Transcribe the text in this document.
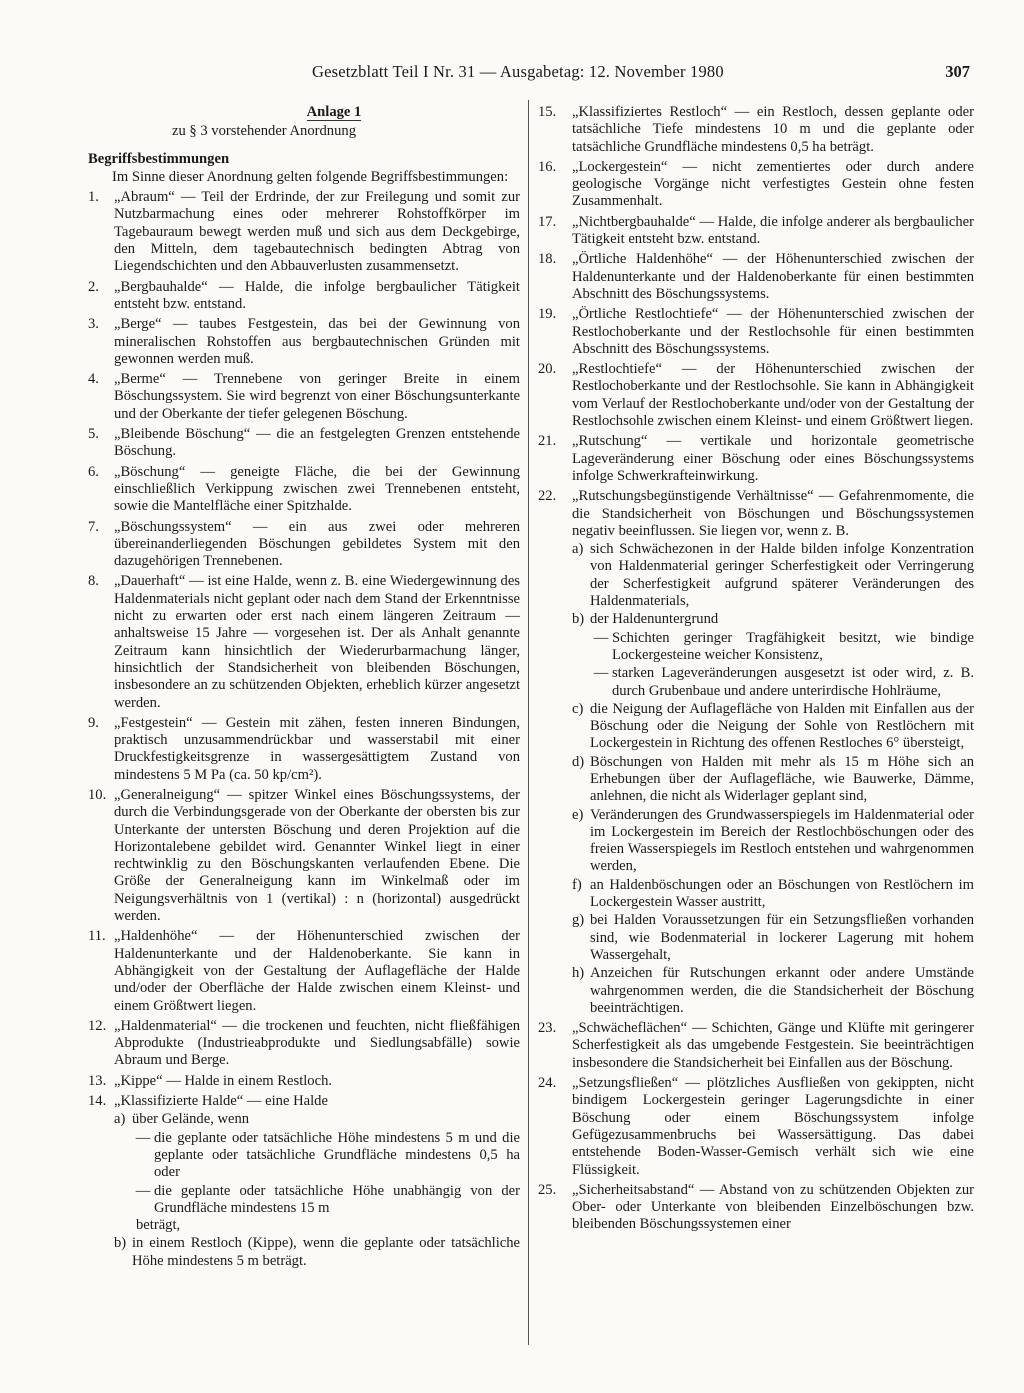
Gesetzblatt Teil I Nr. 31 — Ausgabetag: 12. November 1980	307
Anlage 1
zu § 3 vorstehender Anordnung
Begriffsbestimmungen
Im Sinne dieser Anordnung gelten folgende Begriffsbestimmungen:
1.	„Abraum“ — Teil der Erdrinde, der zur Freilegung und somit zur Nutzbarmachung eines oder mehrerer Rohstoffkörper im Tagebauraum bewegt werden muß und sich aus dem Deckgebirge, den Mitteln, dem tagebautechnisch bedingten Abtrag von Liegendschichten und den Abbauverlusten zusammensetzt.
2.	„Bergbauhalde“ — Halde, die infolge bergbaulicher Tätigkeit entsteht bzw. entstand.
3.	„Berge“ — taubes Festgestein, das bei der Gewinnung von mineralischen Rohstoffen aus bergbautechnischen Gründen mit gewonnen werden muß.
4.	„Berme“ — Trennebene von geringer Breite in einem Böschungssystem. Sie wird begrenzt von einer Böschungsunterkante und der Oberkante der tiefer gelegenen Böschung.
5.	„Bleibende Böschung“ — die an festgelegten Grenzen entstehende Böschung.
6.	„Böschung“ — geneigte Fläche, die bei der Gewinnung einschließlich Verkippung zwischen zwei Trennebenen entsteht, sowie die Mantelfläche einer Spitzhalde.
7.	„Böschungssystem“ — ein aus zwei oder mehreren übereinanderliegenden Böschungen gebildetes System mit den dazugehörigen Trennebenen.
8.	„Dauerhaft“ — ist eine Halde, wenn z. B. eine Wiedergewinnung des Haldenmaterials nicht geplant oder nach dem Stand der Erkenntnisse nicht zu erwarten oder erst nach einem längeren Zeitraum — anhaltsweise 15 Jahre — vorgesehen ist. Der als Anhalt genannte Zeitraum kann hinsichtlich der Wiederurbarmachung länger, hinsichtlich der Standsicherheit von bleibenden Böschungen, insbesondere an zu schützenden Objekten, erheblich kürzer angesetzt werden.
9.	„Festgestein“ — Gestein mit zähen, festen inneren Bindungen, praktisch unzusammendrückbar und wasserstabil mit einer Druckfestigkeitsgrenze in wassergesättigtem Zustand von mindestens 5 M Pa (ca. 50 kp/cm²).
10. „Generalneigung“ — spitzer Winkel eines Böschungssystems, der durch die Verbindungsgerade von der Oberkante der obersten bis zur Unterkante der untersten Böschung und deren Projektion auf die Horizontalebene gebildet wird. Genannter Winkel liegt in einer rechtwinklig zu den Böschungskanten verlaufenden Ebene. Die Größe der Generalneigung kann im Winkelmaß oder im Neigungsverhältnis von 1 (vertikal) : n (horizontal) ausgedrückt werden.
11. „Haldenhöhe“ — der Höhenunterschied zwischen der Haldenunterkante und der Haldenoberkante. Sie kann in Abhängigkeit von der Gestaltung der Auflagefläche der Halde und/oder der Oberfläche der Halde zwischen einem Kleinst- und einem Größtwert liegen.
12. „Haldenmaterial“ — die trockenen und feuchten, nicht fließfähigen Abprodukte (Industrieabprodukte und Siedlungsabfälle) sowie Abraum und Berge.
13. „Kippe“ — Halde in einem Restloch.
14. „Klassifizierte Halde“ — eine Halde
a) über Gelände, wenn
— die geplante oder tatsächliche Höhe mindestens 5 m und die geplante oder tatsächliche Grundfläche mindestens 0,5 ha oder
— die geplante oder tatsächliche Höhe unabhängig von der Grundfläche mindestens 15 m
beträgt,
b) in einem Restloch (Kippe), wenn die geplante oder tatsächliche Höhe mindestens 5 m beträgt.
15.	„Klassifiziertes Restloch“ — ein Restloch, dessen geplante oder tatsächliche Tiefe mindestens 10 m und die geplante oder tatsächliche Grundfläche mindestens 0,5 ha beträgt.
16.	„Lockergestein“ — nicht zementiertes oder durch andere geologische Vorgänge nicht verfestigtes Gestein ohne festen Zusammenhalt.
17.	„Nichtbergbauhalde“ — Halde, die infolge anderer als bergbaulicher Tätigkeit entsteht bzw. entstand.
18.	„Örtliche Haldenhöhe“ — der Höhenunterschied zwischen der Haldenunterkante und der Haldenoberkante für einen bestimmten Abschnitt des Böschungssystems.
19.	„Örtliche Restlochtiefe“ — der Höhenunterschied zwischen der Restlochoberkante und der Restlochsohle für einen bestimmten Abschnitt des Böschungssystems.
20.	„Restlochtiefe“ — der Höhenunterschied zwischen der Restlochoberkante und der Restlochsohle. Sie kann in Abhängigkeit vom Verlauf der Restlochoberkante und/oder von der Gestaltung der Restlochsohle zwischen einem Kleinst- und einem Größtwert liegen.
21.	„Rutschung“ — vertikale und horizontale geometrische Lageveränderung einer Böschung oder eines Böschungssystems infolge Schwerkrafteinwirkung.
22.	„Rutschungsbegünstigende Verhältnisse“ — Gefahrenmomente, die die Standsicherheit von Böschungen und Böschungssystemen negativ beeinflussen. Sie liegen vor, wenn z. B.
a) sich Schwächezonen in der Halde bilden infolge Konzentration von Haldenmaterial geringer Scherfestigkeit oder Verringerung der Scherfestigkeit aufgrund späterer Veränderungen des Haldenmaterials,
b) der Haldenuntergrund
— Schichten geringer Tragfähigkeit besitzt, wie bindige Lockergesteine weicher Konsistenz,
— starken Lageveränderungen ausgesetzt ist oder wird, z. B. durch Grubenbaue und andere unterirdische Hohlräume,
c) die Neigung der Auflagefläche von Halden mit Einfallen aus der Böschung oder die Neigung der Sohle von Restlöchern mit Lockergestein in Richtung des offenen Restloches 6° übersteigt,
d) Böschungen von Halden mit mehr als 15 m Höhe sich an Erhebungen über der Auflagefläche, wie Bauwerke, Dämme, anlehnen, die nicht als Widerlager geplant sind,
e) Veränderungen des Grundwasserspiegels im Haldenmaterial oder im Lockergestein im Bereich der Restlochböschungen oder des freien Wasserspiegels im Restloch entstehen und wahrgenommen werden,
f) an Haldenböschungen oder an Böschungen von Restlöchern im Lockergestein Wasser austritt,
g) bei Halden Voraussetzungen für ein Setzungsfließen vorhanden sind, wie Bodenmaterial in lockerer Lagerung mit hohem Wassergehalt,
h) Anzeichen für Rutschungen erkannt oder andere Umstände wahrgenommen werden, die die Standsicherheit der Böschung beeinträchtigen.
23.	„Schwächeflächen“ — Schichten, Gänge und Klüfte mit geringerer Scherfestigkeit als das umgebende Festgestein. Sie beeinträchtigen insbesondere die Standsicherheit bei Einfallen aus der Böschung.
24.	„Setzungsfließen“ — plötzliches Ausfließen von gekippten, nicht bindigem Lockergestein geringer Lagerungsdichte in einer Böschung oder einem Böschungssystem infolge Gefügezusammenbruchs bei Wassersättigung. Das dabei entstehende Boden-Wasser-Gemisch verhält sich wie eine Flüssigkeit.
25.	„Sicherheitsabstand“ — Abstand von zu schützenden Objekten zur Ober- oder Unterkante von bleibenden Einzelböschungen bzw. bleibenden Böschungssystemen einer
